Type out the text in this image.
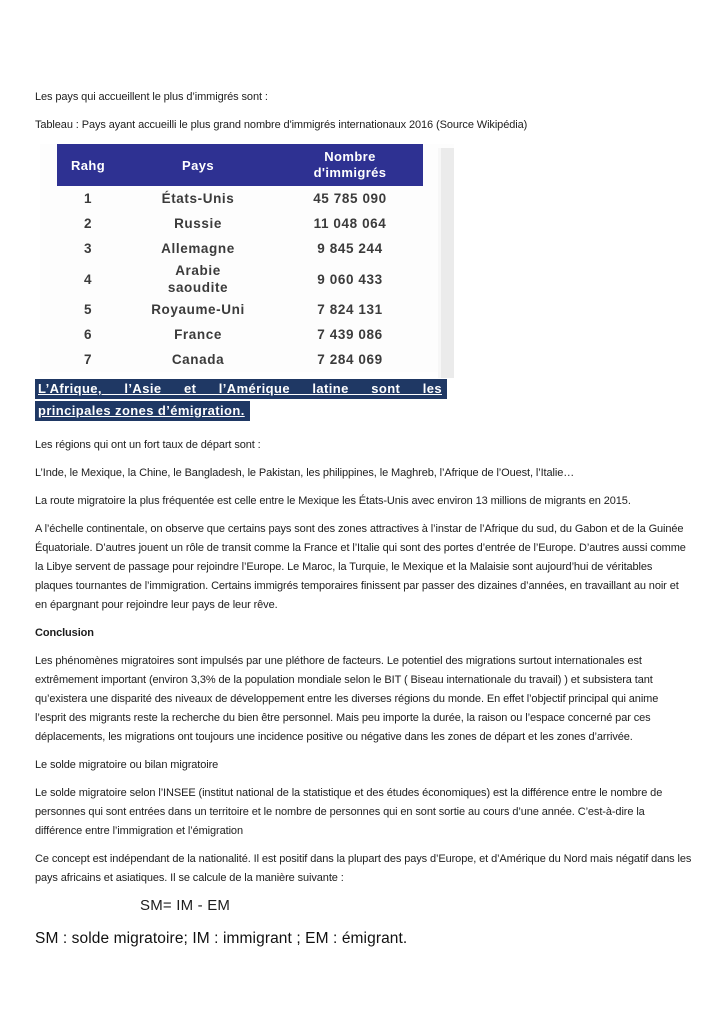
Les pays qui accueillent le plus d’immigrés sont :

Tableau : Pays ayant accueilli le plus grand nombre d'immigrés internationaux 2016 (Source Wikipédia)

Rahg	Pays	Nombre d'immigrés

1	États-Unis	45 785 090
2	Russie	11 048 064
3	Allemagne	9 845 244
4	Arabie saoudite	9 060 433
5	Royaume-Uni	7 824 131
6	France	7 439 086
7	Canada	7 284 069
L’Afrique, l’Asie et l’Amérique latine sont les
principales zones d’émigration.

Les régions qui ont un fort taux de départ sont :

L’Inde, le Mexique, la Chine, le Bangladesh, le Pakistan, les philippines, le Maghreb, l’Afrique de l’Ouest, l’Italie…

La route migratoire la plus fréquentée est celle entre le Mexique les États-Unis avec environ 13 millions de migrants en 2015.

A l’échelle continentale, on observe que certains pays sont des zones attractives à l’instar de l’Afrique du sud, du Gabon et de la Guinée Équatoriale. D’autres jouent un rôle de transit comme la France et l’Italie qui sont des portes d’entrée de l’Europe. D’autres aussi comme la Libye servent de passage pour rejoindre l’Europe. Le Maroc, la Turquie, le Mexique et la Malaisie sont aujourd’hui de véritables plaques tournantes de l’immigration. Certains immigrés temporaires finissent par passer des dizaines d’années, en travaillant au noir et en épargnant pour rejoindre leur pays de leur rêve.

Conclusion

Les phénomènes migratoires sont impulsés par une pléthore de facteurs. Le potentiel des migrations surtout internationales est extrêmement important (environ 3,3% de la population mondiale selon le BIT ( Biseau internationale du travail) ) et subsistera tant qu’existera une disparité des niveaux de développement entre les diverses régions du monde. En effet l’objectif principal qui anime l’esprit des migrants reste la recherche du bien être personnel. Mais peu importe la durée, la raison ou l’espace concerné par ces déplacements, les migrations ont toujours une incidence positive ou négative dans les zones de départ et les zones d’arrivée.

Le solde migratoire ou bilan migratoire

Le solde migratoire selon l’INSEE (institut national de la statistique et des études économiques) est la différence entre le nombre de personnes qui sont entrées dans un territoire et le nombre de personnes qui en sont sortie au cours d’une année. C’est-à-dire la différence entre l’immigration et l’émigration

Ce concept est indépendant de la nationalité. Il est positif dans la plupart des pays d’Europe, et d’Amérique du Nord mais négatif dans les pays africains et asiatiques. Il se calcule de la manière suivante :

SM= IM - EM
SM : solde migratoire; IM : immigrant ; EM : émigrant.
